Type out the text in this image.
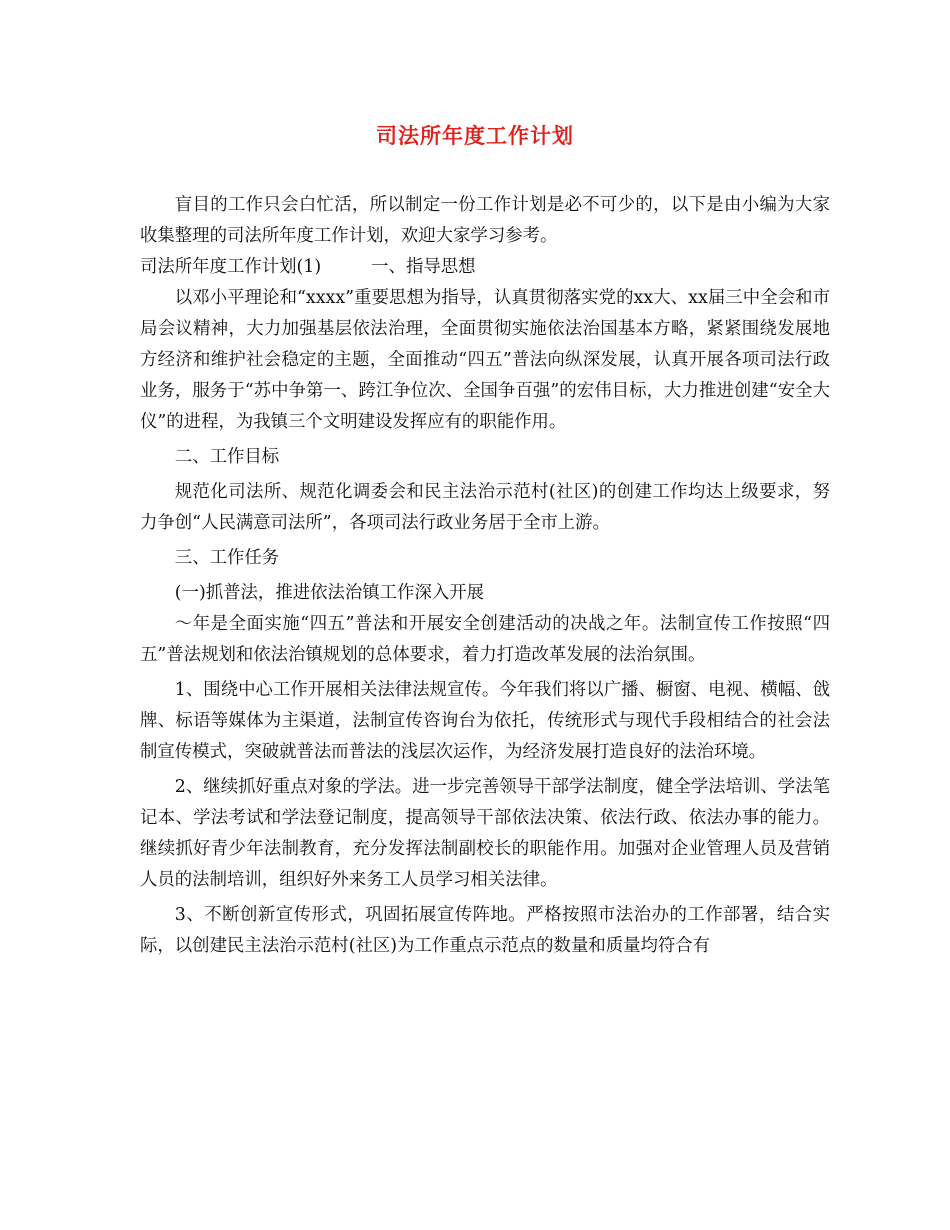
司法所年度工作计划

盲目的工作只会白忙活，所以制定一份工作计划是必不可少的，以下是由小编为大家收集整理的司法所年度工作计划，欢迎大家学习参考。

司法所年度工作计划(1)	一、指导思想

以邓小平理论和“xxxx”重要思想为指导，认真贯彻落实党的xx大、xx届三中全会和市局会议精神，大力加强基层依法治理，全面贯彻实施依法治国基本方略，紧紧围绕发展地方经济和维护社会稳定的主题，全面推动“四五”普法向纵深发展，认真开展各项司法行政业务，服务于“苏中争第一、跨江争位次、全国争百强”的宏伟目标，大力推进创建“安全大仪”的进程，为我镇三个文明建设发挥应有的职能作用。

二、工作目标

规范化司法所、规范化调委会和民主法治示范村(社区)的创建工作均达上级要求，努力争创“人民满意司法所”，各项司法行政业务居于全市上游。

三、工作任务

(一)抓普法，推进依法治镇工作深入开展

～年是全面实施“四五”普法和开展安全创建活动的决战之年。法制宣传工作按照“四五”普法规划和依法治镇规划的总体要求，着力打造改革发展的法治氛围。

1、围绕中心工作开展相关法律法规宣传。今年我们将以广播、橱窗、电视、横幅、戗牌、标语等媒体为主渠道，法制宣传咨询台为依托，传统形式与现代手段相结合的社会法制宣传模式，突破就普法而普法的浅层次运作，为经济发展打造良好的法治环境。

2、继续抓好重点对象的学法。进一步完善领导干部学法制度，健全学法培训、学法笔记本、学法考试和学法登记制度，提高领导干部依法决策、依法行政、依法办事的能力。继续抓好青少年法制教育，充分发挥法制副校长的职能作用。加强对企业管理人员及营销人员的法制培训，组织好外来务工人员学习相关法律。

3、不断创新宣传形式，巩固拓展宣传阵地。严格按照市法治办的工作部署，结合实际，以创建民主法治示范村(社区)为工作重点示范点的数量和质量均符合有
